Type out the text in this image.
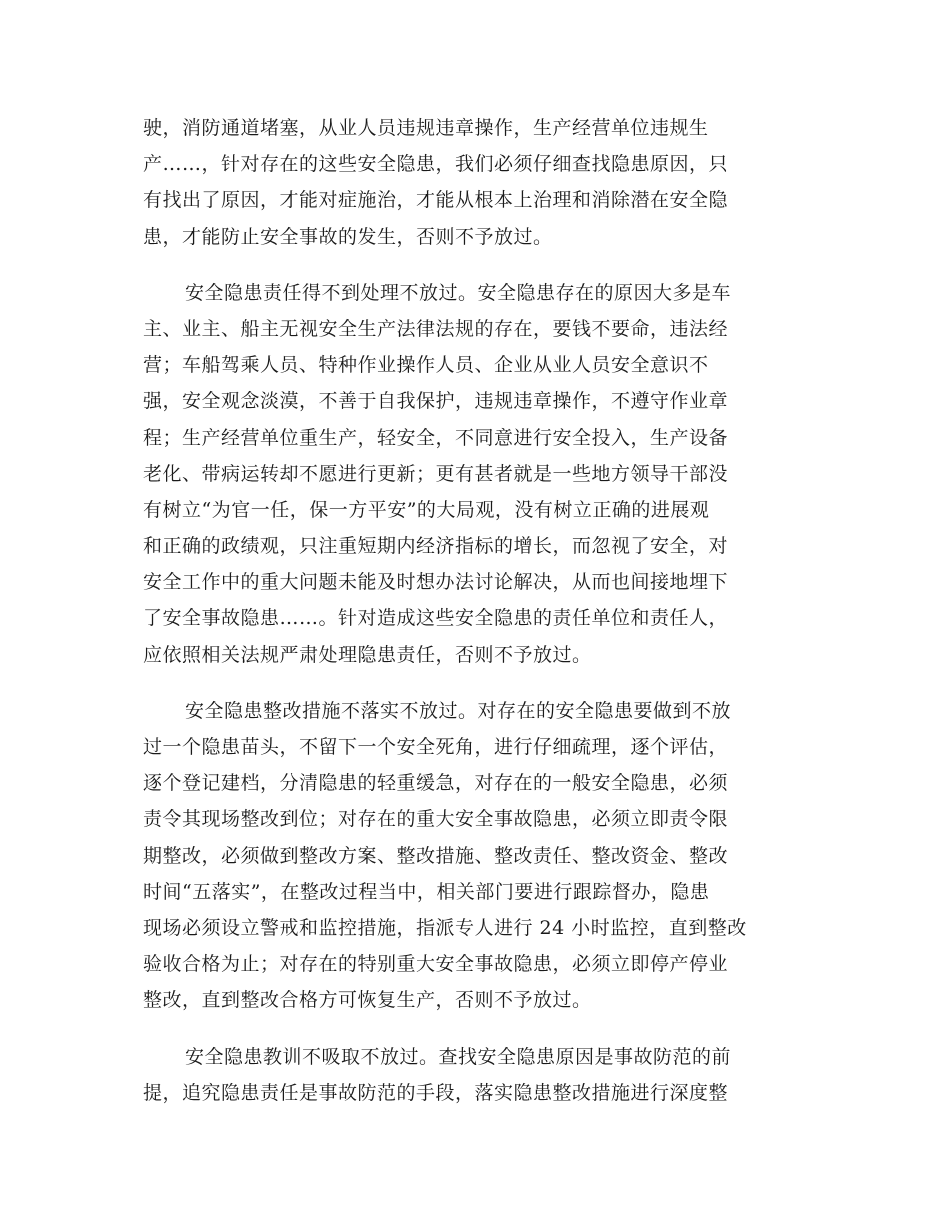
驶，消防通道堵塞，从业人员违规违章操作，生产经营单位违规生
产……，针对存在的这些安全隐患，我们必须仔细查找隐患原因，只
有找出了原因，才能对症施治，才能从根本上治理和消除潜在安全隐
患，才能防止安全事故的发生，否则不予放过。
安全隐患责任得不到处理不放过。安全隐患存在的原因大多是车
主、业主、船主无视安全生产法律法规的存在，要钱不要命，违法经
营；车船驾乘人员、特种作业操作人员、企业从业人员安全意识不
强，安全观念淡漠，不善于自我保护，违规违章操作，不遵守作业章
程；生产经营单位重生产，轻安全，不同意进行安全投入，生产设备
老化、带病运转却不愿进行更新；更有甚者就是一些地方领导干部没
有树立“为官一任，保一方平安”的大局观，没有树立正确的进展观
和正确的政绩观，只注重短期内经济指标的增长，而忽视了安全，对
安全工作中的重大问题未能及时想办法讨论解决，从而也间接地埋下
了安全事故隐患……。针对造成这些安全隐患的责任单位和责任人，
应依照相关法规严肃处理隐患责任，否则不予放过。
安全隐患整改措施不落实不放过。对存在的安全隐患要做到不放
过一个隐患苗头，不留下一个安全死角，进行仔细疏理，逐个评估，
逐个登记建档，分清隐患的轻重缓急，对存在的一般安全隐患，必须
责令其现场整改到位；对存在的重大安全事故隐患，必须立即责令限
期整改，必须做到整改方案、整改措施、整改责任、整改资金、整改
时间“五落实”，在整改过程当中，相关部门要进行跟踪督办，隐患
现场必须设立警戒和监控措施，指派专人进行 24 小时监控，直到整改
验收合格为止；对存在的特别重大安全事故隐患，必须立即停产停业
整改，直到整改合格方可恢复生产，否则不予放过。
安全隐患教训不吸取不放过。查找安全隐患原因是事故防范的前
提，追究隐患责任是事故防范的手段，落实隐患整改措施进行深度整
